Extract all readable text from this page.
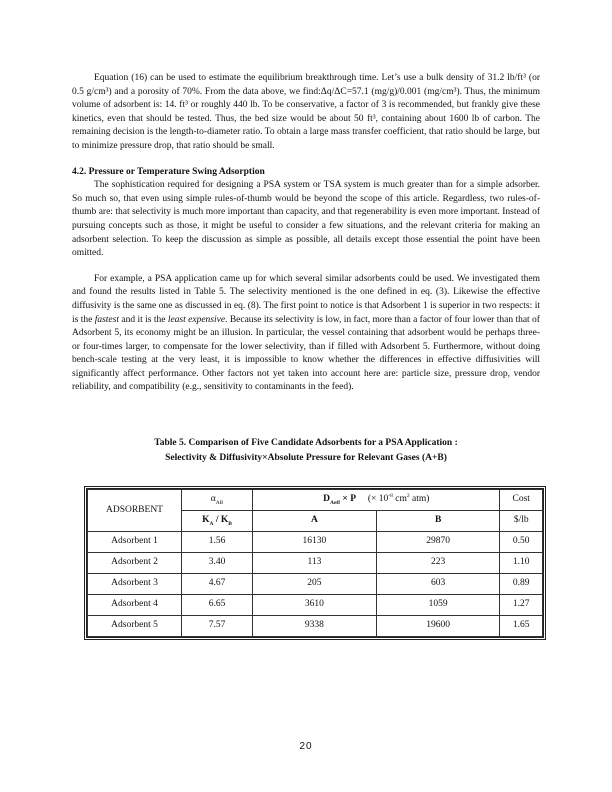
Equation (16) can be used to estimate the equilibrium breakthrough time. Let’s use a bulk density of 31.2 lb/ft³ (or 0.5 g/cm³) and a porosity of 70%. From the data above, we find:Δq/ΔC=57.1 (mg/g)/0.001 (mg/cm³). Thus, the minimum volume of adsorbent is: 14. ft³ or roughly 440 lb. To be conservative, a factor of 3 is recommended, but frankly give these kinetics, even that should be tested. Thus, the bed size would be about 50 ft³, containing about 1600 lb of carbon. The remaining decision is the length-to-diameter ratio. To obtain a large mass transfer coefficient, that ratio should be large, but to minimize pressure drop, that ratio should be small.

4.2. Pressure or Temperature Swing Adsorption

The sophistication required for designing a PSA system or TSA system is much greater than for a simple adsorber. So much so, that even using simple rules-of-thumb would be beyond the scope of this article. Regardless, two rules-of-thumb are: that selectivity is much more important than capacity, and that regenerability is even more important. Instead of pursuing concepts such as those, it might be useful to consider a few situations, and the relevant criteria for making an adsorbent selection. To keep the discussion as simple as possible, all details except those essential the point have been omitted.

For example, a PSA application came up for which several similar adsorbents could be used. We investigated them and found the results listed in Table 5. The selectivity mentioned is the one defined in eq. (3). Likewise the effective diffusivity is the same one as discussed in eq. (8). The first point to notice is that Adsorbent 1 is superior in two respects: it is the fastest and it is the least expensive. Because its selectivity is low, in fact, more than a factor of four lower than that of Adsorbent 5, its economy might be an illusion. In particular, the vessel containing that adsorbent would be perhaps three- or four-times larger, to compensate for the lower selectivity, than if filled with Adsorbent 5. Furthermore, without doing bench-scale testing at the very least, it is impossible to know whether the differences in effective diffusivities will significantly affect performance. Other factors not yet taken into account here are: particle size, pressure drop, vendor reliability, and compatibility (e.g., sensitivity to contaminants in the feed).

Table 5. Comparison of Five Candidate Adsorbents for a PSA Application :
Selectivity & Diffusivity×Absolute Pressure for Relevant Gases (A+B)
ADSORBENT	$\alpha_{AB}$	$D_{Aeff} \times P$ (× $10^{-8}$ $cm^2$ atm)		Cost
	$K_A / K_B$	A	B	$/lb
Adsorbent 1	1.56	16130	29870	0.50
Adsorbent 2	3.40	113	223	1.10
Adsorbent 3	4.67	205	603	0.89
Adsorbent 4	6.65	3610	1059	1.27
Adsorbent 5	7.57	9338	19600	1.65
20
